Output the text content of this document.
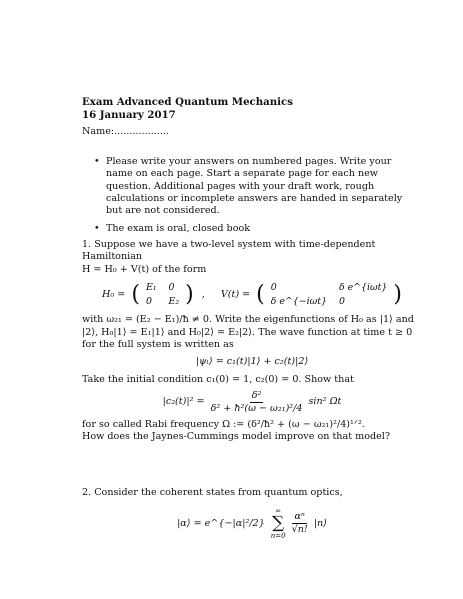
Exam Advanced Quantum Mechanics
16 January 2017
Name:..................
• Please write your answers on numbered pages. Write your name on each page. Start a separate page for each new question. Additional pages with your draft work, rough calculations or incomplete answers are handed in separately but are not considered.
• The exam is oral, closed book
1. Suppose we have a two-level system with time-dependent Hamiltonian
H = H₀ + V(t) of the form
H₀ = ( E₁ 0
0	E₂ ) , V(t) = ( 0	δ e^{iωt}
δ e^{−iωt} 0	)
with ω₂₁ = (E₂ − E₁)/ħ ≠ 0. Write the eigenfunctions of H₀ as |1⟩ and |2⟩, H₀|1⟩ = E₁|1⟩ and H₀|2⟩ = E₂|2⟩. The wave function at time t ≥ 0 for the full system is written as
|ψₜ⟩ = c₁(t)|1⟩ + c₂(t)|2⟩
Take the initial condition c₁(0) = 1, c₂(0) = 0. Show that
$|c_2(t)|^2 = \frac{\text{δ²}}{\text{δ² + ħ²(ω − ω₂₁)²/4}} \sin^2$ Ωt
for so called Rabi frequency Ω := (δ²/ħ² + (ω − ω₂₁)²/4)¹ᐟ².
How does the Jaynes-Cummings model improve on that model?
2. Consider the coherent states from quantum optics,
|α⟩ = e^{−|α|²/2}
∞
∑
$n=0 \frac{\text{αⁿ}}{√n!}$ |n⟩
